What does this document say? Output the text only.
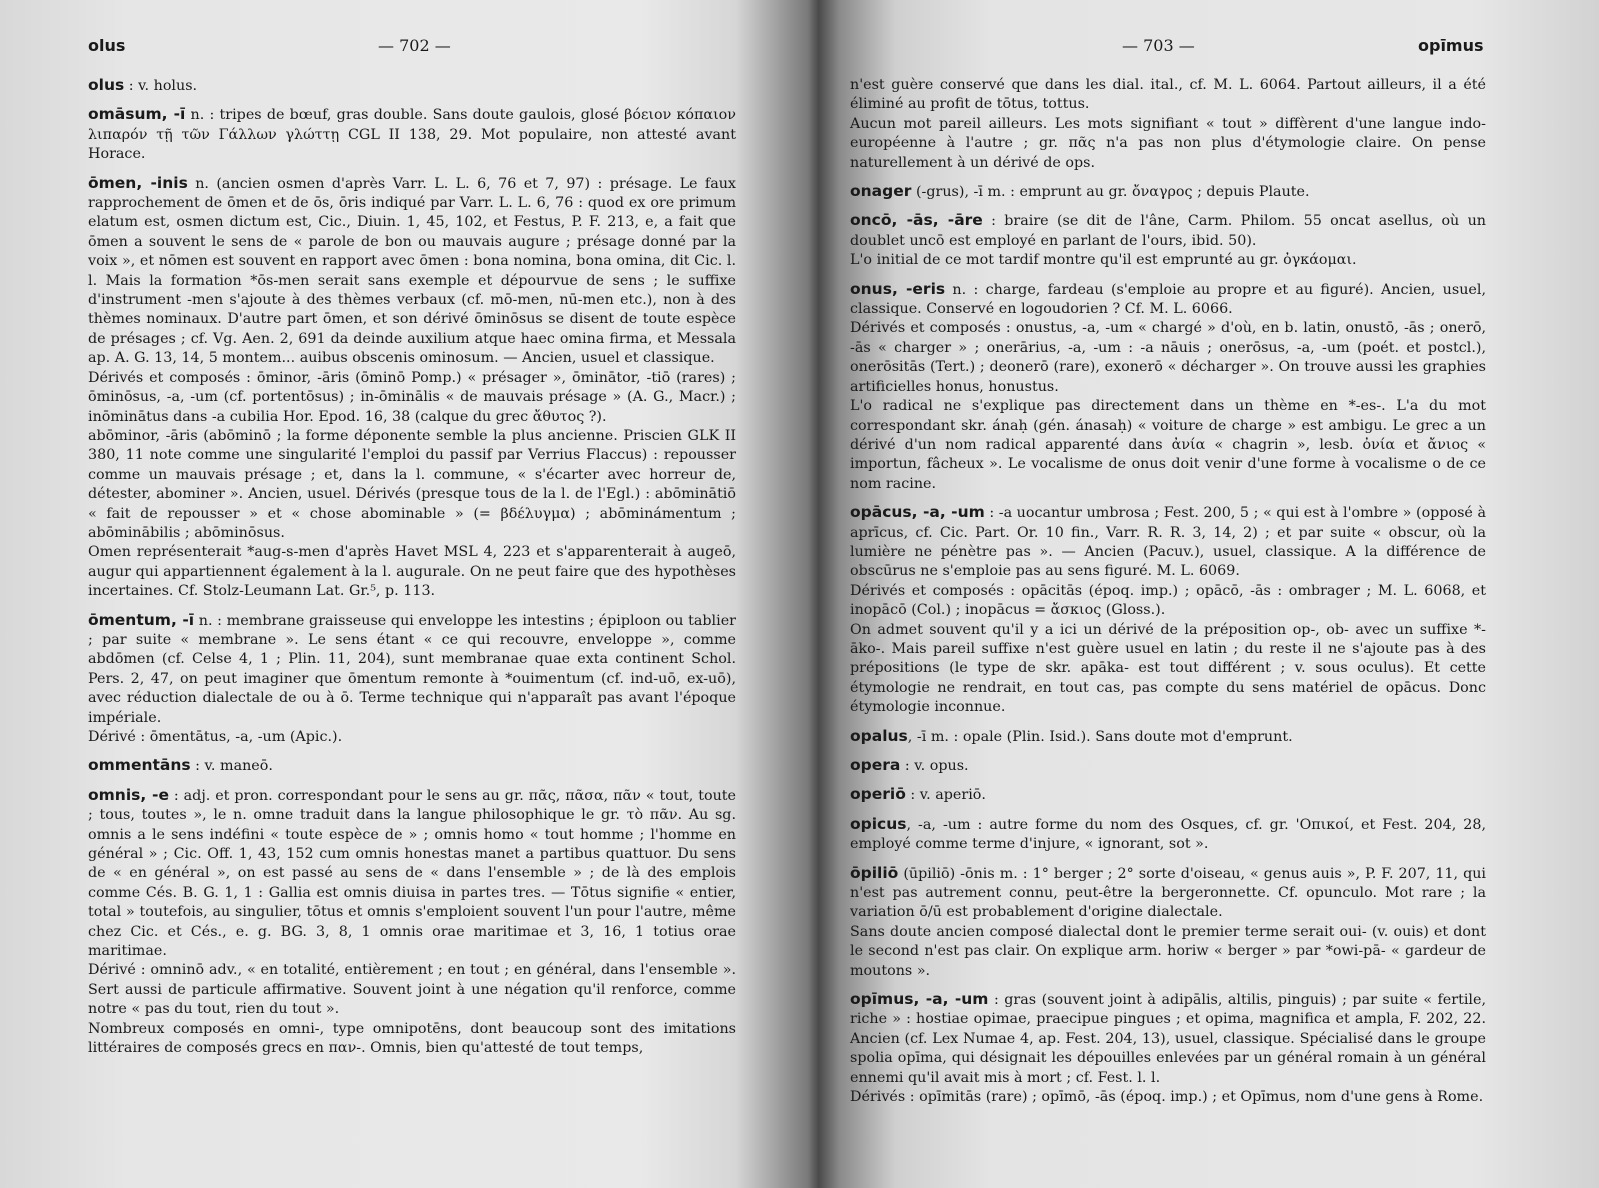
olus	— 702 —

olus : v. holus.

omāsum, -ī n. : tripes de bœuf, gras double. Sans doute gaulois, glosé βόειον κόπαιον λιπαρόν τῇ τῶν Γάλλων γλώττῃ CGL II 138, 29. Mot populaire, non attesté avant Horace.

ōmen, -inis n. (ancien osmen d'après Varr. L. L. 6, 76 et 7, 97) : présage. Le faux rapprochement de ōmen et de ōs, ōris indiqué par Varr. L. L. 6, 76 : quod ex ore primum elatum est, osmen dictum est, Cic., Diuin. 1, 45, 102, et Festus, P. F. 213, e, a fait que ōmen a souvent le sens de « parole de bon ou mauvais augure ; présage donné par la voix », et nōmen est souvent en rapport avec ōmen : bona nomina, bona omina, dit Cic. l. l. Mais la formation *ōs-men serait sans exemple et dépourvue de sens ; le suffixe d'instrument -men s'ajoute à des thèmes verbaux (cf. mō-men, nū-men etc.), non à des thèmes nominaux. D'autre part ōmen, et son dérivé ōminōsus se disent de toute espèce de présages ; cf. Vg. Aen. 2, 691 da deinde auxilium atque haec omina firma, et Messala ap. A. G. 13, 14, 5 montem... auibus obscenis ominosum. — Ancien, usuel et classique.

Dérivés et composés : ōminor, -āris (ōminō Pomp.) « présager », ōminātor, -tiō (rares) ; ōminōsus, -a, -um (cf. portentōsus) ; in-ōminālis « de mauvais présage » (A. G., Macr.) ; inōminātus dans -a cubilia Hor. Epod. 16, 38 (calque du grec ἄθυτος ?).

abōminor, -āris (abōminō ; la forme déponente semble la plus ancienne. Priscien GLK II 380, 11 note comme une singularité l'emploi du passif par Verrius Flaccus) : repousser comme un mauvais présage ; et, dans la l. commune, « s'écarter avec horreur de, détester, abominer ». Ancien, usuel. Dérivés (presque tous de la l. de l'Egl.) : abōminātiō « fait de repousser » et « chose abominable » (= βδέλυγμα) ; abōminámentum ; abōminābilis ; abōminōsus.

Omen représenterait *aug-s-men d'après Havet MSL 4, 223 et s'apparenterait à augeō, augur qui appartiennent également à la l. augurale. On ne peut faire que des hypothèses incertaines. Cf. Stolz-Leumann Lat. Gr.⁵, p. 113.

ōmentum, -ī n. : membrane graisseuse qui enveloppe les intestins ; épiploon ou tablier ; par suite « membrane ». Le sens étant « ce qui recouvre, enveloppe », comme abdōmen (cf. Celse 4, 1 ; Plin. 11, 204), sunt membranae quae exta continent Schol. Pers. 2, 47, on peut imaginer que ōmentum remonte à *ouimentum (cf. ind-uō, ex-uō), avec réduction dialectale de ou à ō. Terme technique qui n'apparaît pas avant l'époque impériale.

Dérivé : ōmentātus, -a, -um (Apic.).

ommentāns : v. maneō.

omnis, -e : adj. et pron. correspondant pour le sens au gr. πᾶς, πᾶσα, πᾶν « tout, toute ; tous, toutes », le n. omne traduit dans la langue philosophique le gr. τὸ πᾶν. Au sg. omnis a le sens indéfini « toute espèce de » ; omnis homo « tout homme ; l'homme en général » ; Cic. Off. 1, 43, 152 cum omnis honestas manet a partibus quattuor. Du sens de « en général », on est passé au sens de « dans l'ensemble » ; de là des emplois comme Cés. B. G. 1, 1 : Gallia est omnis diuisa in partes tres. — Tōtus signifie « entier, total » toutefois, au singulier, tōtus et omnis s'emploient souvent l'un pour l'autre, même chez Cic. et Cés., e. g. BG. 3, 8, 1 omnis orae maritimae et 3, 16, 1 totius orae maritimae.

Dérivé : omninō adv., « en totalité, entièrement ; en tout ; en général, dans l'ensemble ». Sert aussi de particule affirmative. Souvent joint à une négation qu'il renforce, comme notre « pas du tout, rien du tout ».

Nombreux composés en omni-, type omnipotēns, dont beaucoup sont des imitations littéraires de composés grecs en παν-. Omnis, bien qu'attesté de tout temps,

— 703 —	opīmus

n'est guère conservé que dans les dial. ital., cf. M. L. 6064. Partout ailleurs, il a été éliminé au profit de tōtus, tottus.

Aucun mot pareil ailleurs. Les mots signifiant « tout » diffèrent d'une langue indo-européenne à l'autre ; gr. πᾶς n'a pas non plus d'étymologie claire. On pense naturellement à un dérivé de ops.

onager (-grus), -ī m. : emprunt au gr. ὄναγρος ; depuis Plaute.

oncō, -ās, -āre : braire (se dit de l'âne, Carm. Philom. 55 oncat asellus, où un doublet uncō est employé en parlant de l'ours, ibid. 50).

L'o initial de ce mot tardif montre qu'il est emprunté au gr. ὀγκάομαι.

onus, -eris n. : charge, fardeau (s'emploie au propre et au figuré). Ancien, usuel, classique. Conservé en logoudorien ? Cf. M. L. 6066.

Dérivés et composés : onustus, -a, -um « chargé » d'où, en b. latin, onustō, -ās ; onerō, -ās « charger » ; onerārius, -a, -um : -a nāuis ; onerōsus, -a, -um (poét. et postcl.), onerōsitās (Tert.) ; deonerō (rare), exonerō « décharger ». On trouve aussi les graphies artificielles honus, honustus.

L'o radical ne s'explique pas directement dans un thème en *-es-. L'a du mot correspondant skr. ánaḥ (gén. ánasaḥ) « voiture de charge » est ambigu. Le grec a un dérivé d'un nom radical apparenté dans ἀνία « chagrin », lesb. ὀνία et ἄνιος « importun, fâcheux ». Le vocalisme de onus doit venir d'une forme à vocalisme o de ce nom racine.

opācus, -a, -um : -a uocantur umbrosa ; Fest. 200, 5 ; « qui est à l'ombre » (opposé à aprīcus, cf. Cic. Part. Or. 10 fin., Varr. R. R. 3, 14, 2) ; et par suite « obscur, où la lumière ne pénètre pas ». — Ancien (Pacuv.), usuel, classique. A la différence de obscūrus ne s'emploie pas au sens figuré. M. L. 6069.

Dérivés et composés : opācitās (époq. imp.) ; opācō, -ās : ombrager ; M. L. 6068, et inopācō (Col.) ; inopācus = ἄσκιος (Gloss.).

On admet souvent qu'il y a ici un dérivé de la préposition op-, ob- avec un suffixe *-āko-. Mais pareil suffixe n'est guère usuel en latin ; du reste il ne s'ajoute pas à des prépositions (le type de skr. apāka- est tout différent ; v. sous oculus). Et cette étymologie ne rendrait, en tout cas, pas compte du sens matériel de opācus. Donc étymologie inconnue.

opalus, -ī m. : opale (Plin. Isid.). Sans doute mot d'emprunt.

opera : v. opus.

operiō : v. aperiō.

opicus, -a, -um : autre forme du nom des Osques, cf. gr. 'Οπικοί, et Fest. 204, 28, employé comme terme d'injure, « ignorant, sot ».

ōpiliō (ūpiliō) -ōnis m. : 1° berger ; 2° sorte d'oiseau, « genus auis », P. F. 207, 11, qui n'est pas autrement connu, peut-être la bergeronnette. Cf. opunculo. Mot rare ; la variation ō/ū est probablement d'origine dialectale.

Sans doute ancien composé dialectal dont le premier terme serait oui- (v. ouis) et dont le second n'est pas clair. On explique arm. horiw « berger » par *owi-pā- « gardeur de moutons ».

opīmus, -a, -um : gras (souvent joint à adipālis, altilis, pinguis) ; par suite « fertile, riche » : hostiae opimae, praecipue pingues ; et opima, magnifica et ampla, F. 202, 22. Ancien (cf. Lex Numae 4, ap. Fest. 204, 13), usuel, classique. Spécialisé dans le groupe spolia opīma, qui désignait les dépouilles enlevées par un général romain à un général ennemi qu'il avait mis à mort ; cf. Fest. l. l.

Dérivés : opīmitās (rare) ; opīmō, -ās (époq. imp.) ; et Opīmus, nom d'une gens à Rome.
